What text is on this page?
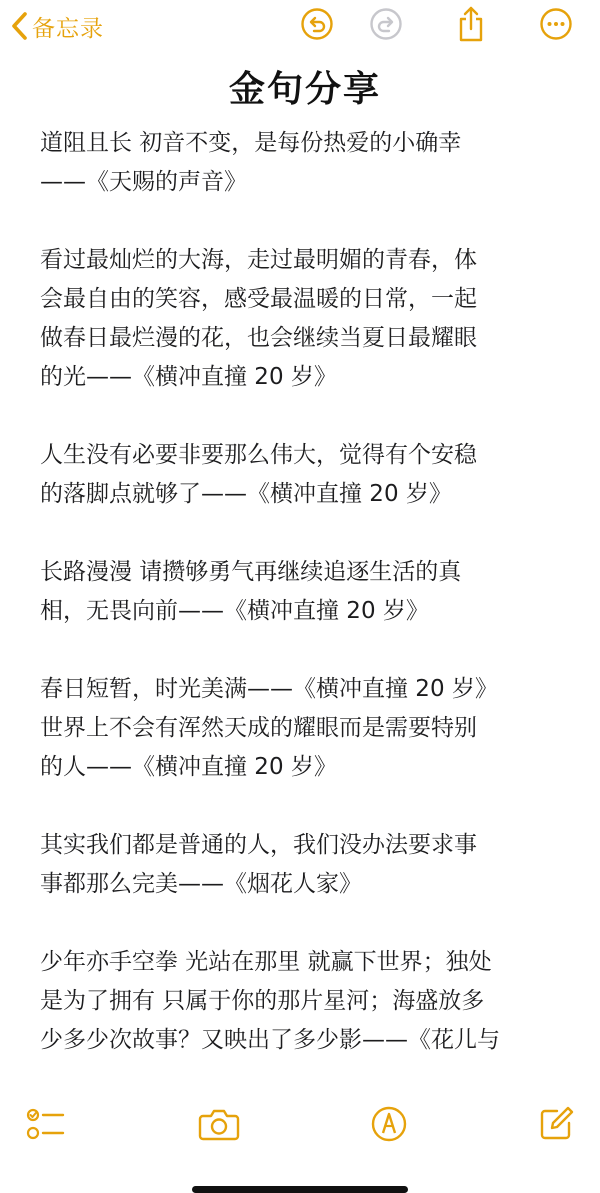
备忘录
金句分享

道阻且长 初音不变，是每份热爱的小确幸
——《天赐的声音》

看过最灿烂的大海，走过最明媚的青春，体
会最自由的笑容，感受最温暖的日常，一起
做春日最烂漫的花，也会继续当夏日最耀眼
的光——《横冲直撞 20 岁》

人生没有必要非要那么伟大，觉得有个安稳
的落脚点就够了——《横冲直撞 20 岁》

长路漫漫 请攒够勇气再继续追逐生活的真
相，无畏向前——《横冲直撞 20 岁》

春日短暂，时光美满——《横冲直撞 20 岁》
世界上不会有浑然天成的耀眼而是需要特别
的人——《横冲直撞 20 岁》

其实我们都是普通的人，我们没办法要求事
事都那么完美——《烟花人家》

少年亦手空拳 光站在那里 就赢下世界；独处
是为了拥有 只属于你的那片星河；海盛放多
少多少次故事？又映出了多少影——《花儿与
